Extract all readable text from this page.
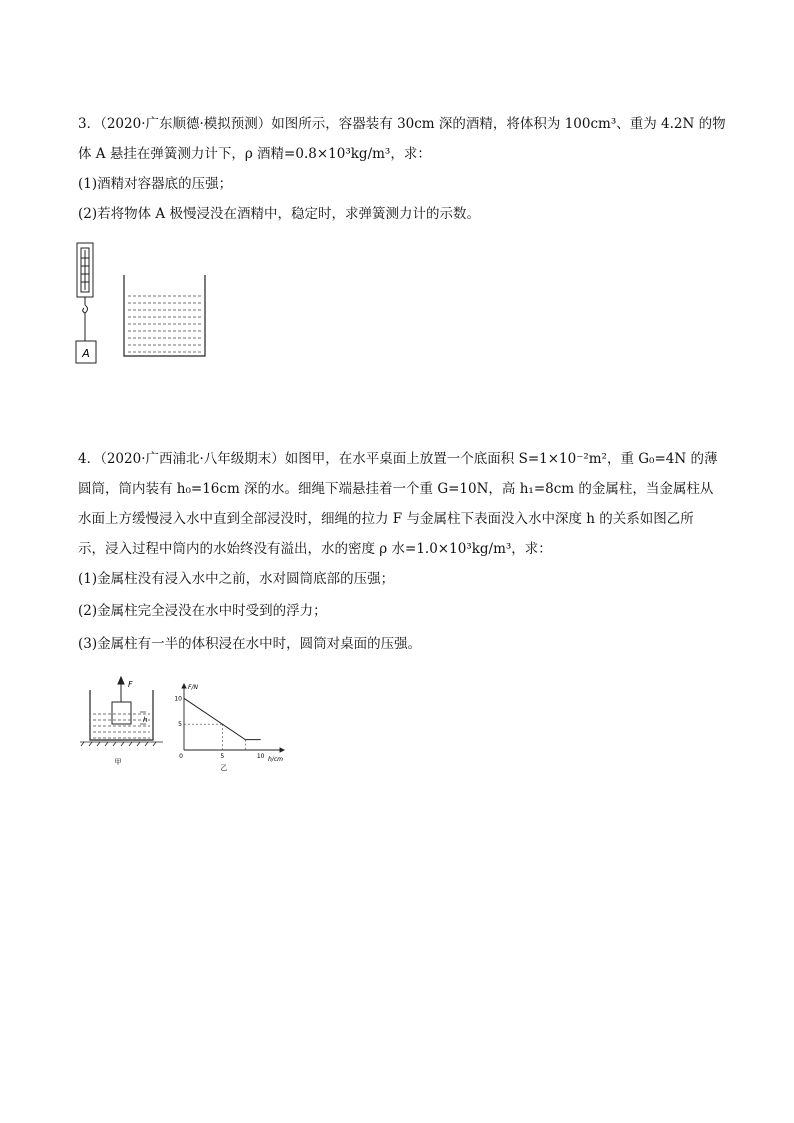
3．（2020·广东顺德·模拟预测）如图所示，容器装有 30cm 深的酒精，将体积为 100cm³、重为 4.2N 的物
体 A 悬挂在弹簧测力计下，ρ 酒精=0.8×10³kg/m³，求：
(1)酒精对容器底的压强；
(2)若将物体 A 极慢浸没在酒精中，稳定时，求弹簧测力计的示数。
A
4．（2020·广西浦北·八年级期末）如图甲，在水平桌面上放置一个底面积 S=1×10⁻²m²，重 G₀=4N 的薄
圆筒，筒内装有 h₀=16cm 深的水。细绳下端悬挂着一个重 G=10N，高 h₁=8cm 的金属柱，当金属柱从
水面上方缓慢浸入水中直到全部浸没时，细绳的拉力 F 与金属柱下表面没入水中深度 h 的关系如图乙所
示，浸入过程中筒内的水始终没有溢出，水的密度 ρ 水=1.0×10³kg/m³，求：
(1)金属柱没有浸入水中之前，水对圆筒底部的压强；
(2)金属柱完全浸没在水中时受到的浮力；
(3)金属柱有一半的体积浸在水中时，圆筒对桌面的压强。
F
h
甲
F/N
h/cm
0	5	10
5
10
乙
